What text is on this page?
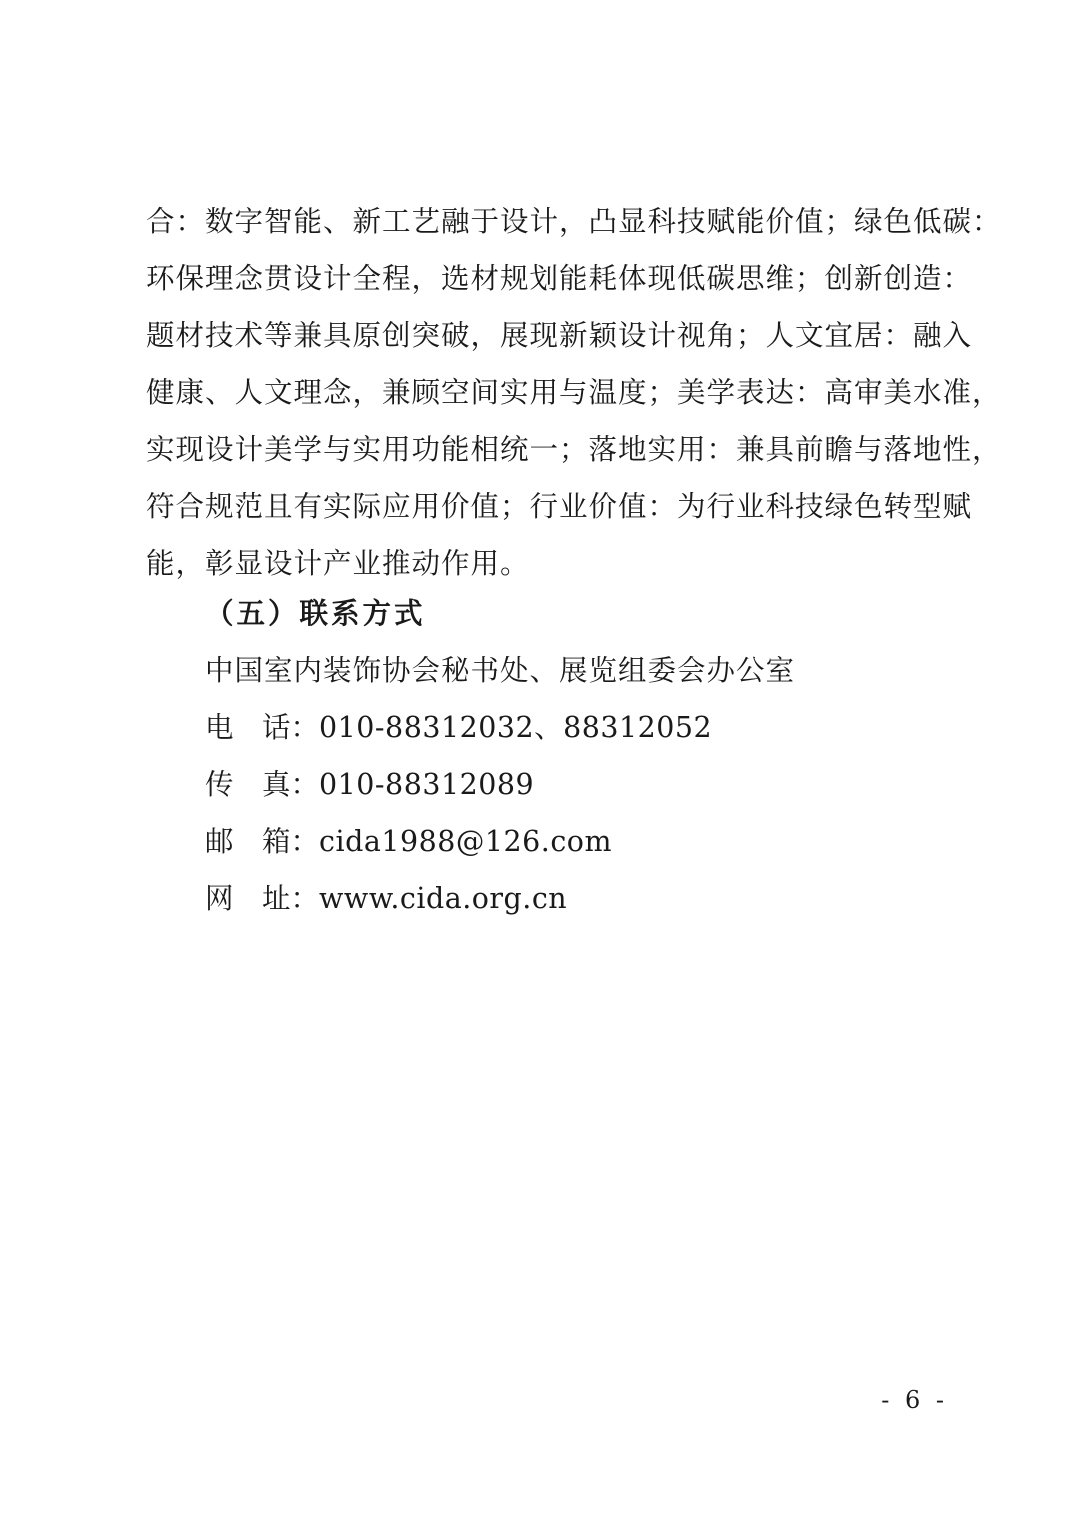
合：数字智能、新工艺融于设计，凸显科技赋能价值；绿色低碳：
环保理念贯设计全程，选材规划能耗体现低碳思维；创新创造：
题材技术等兼具原创突破，展现新颖设计视角；人文宜居：融入
健康、人文理念，兼顾空间实用与温度；美学表达：高审美水准，
实现设计美学与实用功能相统一；落地实用：兼具前瞻与落地性，
符合规范且有实际应用价值；行业价值：为行业科技绿色转型赋
能，彰显设计产业推动作用。
（五）联系方式
中国室内装饰协会秘书处、展览组委会办公室
电　话：010-88312032、88312052
传　真：010-88312089
邮　箱：cida1988@126.com
网　址：www.cida.org.cn
- 6 -
